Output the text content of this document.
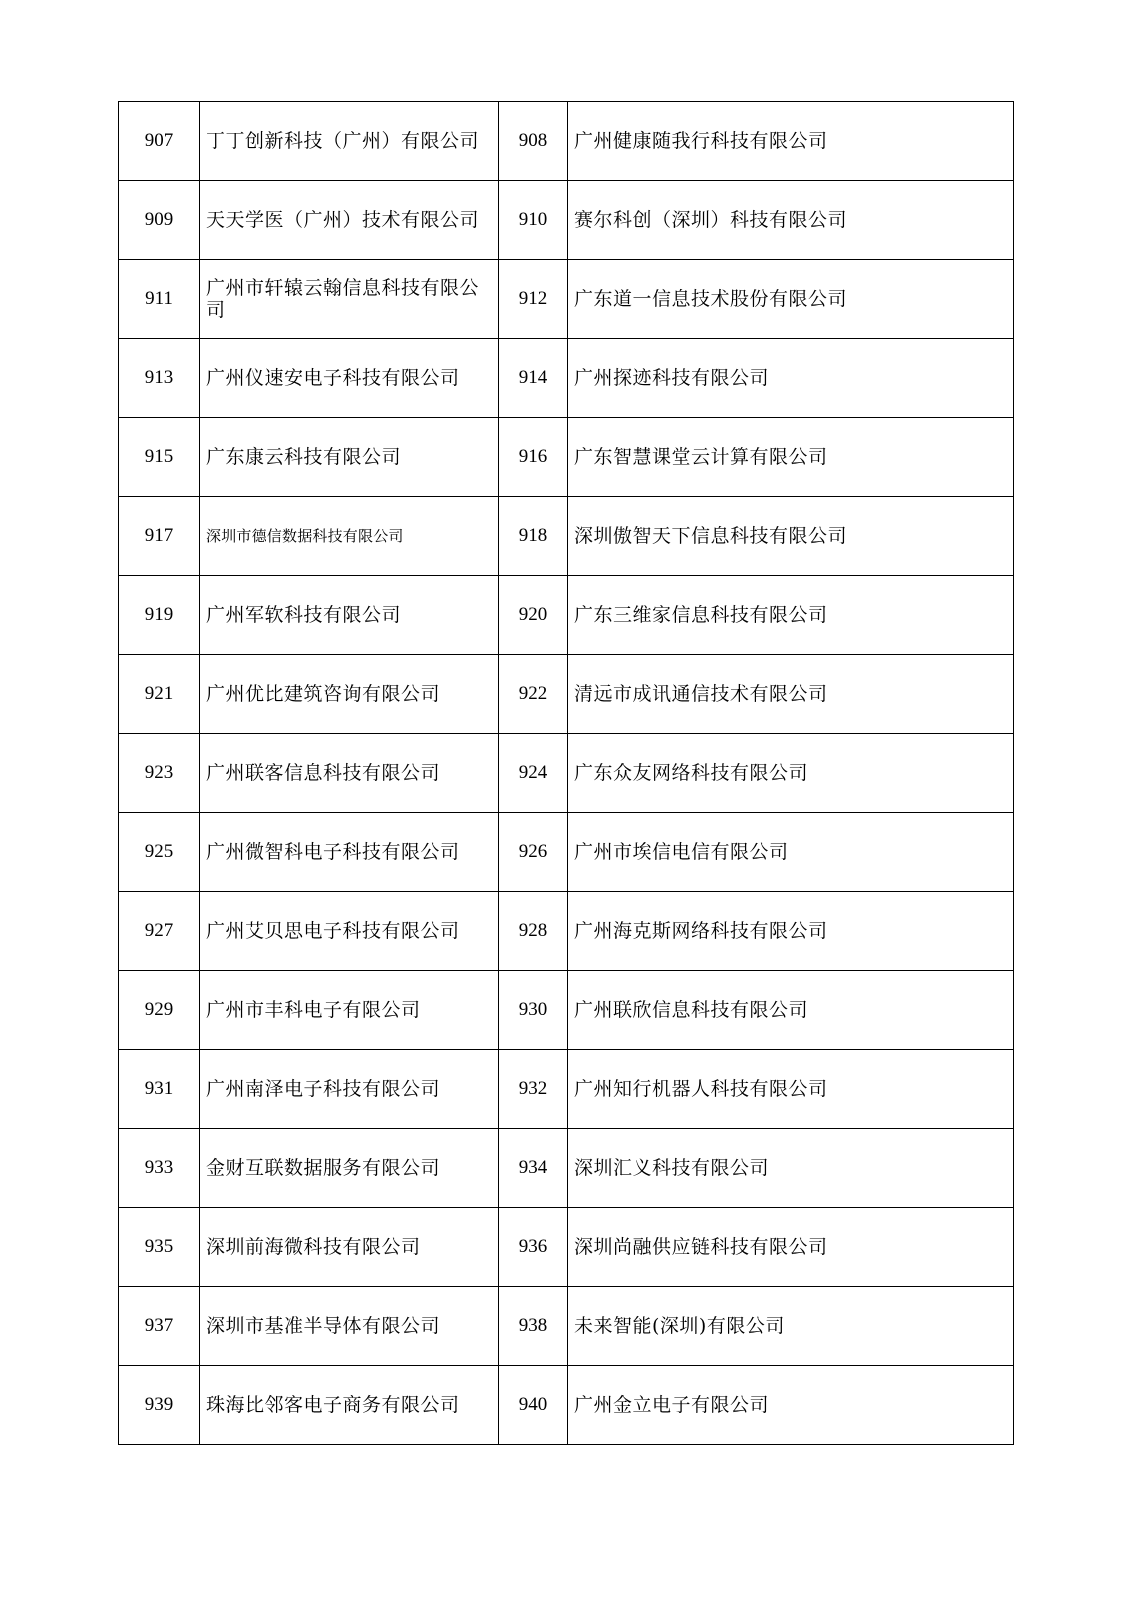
907	丁丁创新科技（广州）有限公司	908	广州健康随我行科技有限公司
909	天天学医（广州）技术有限公司	910	赛尔科创（深圳）科技有限公司
911	广州市轩辕云翰信息科技有限公司	912	广东道一信息技术股份有限公司
913	广州仪速安电子科技有限公司	914	广州探迹科技有限公司
915	广东康云科技有限公司	916	广东智慧课堂云计算有限公司
917	深圳市德信数据科技有限公司	918	深圳傲智天下信息科技有限公司
919	广州军软科技有限公司	920	广东三维家信息科技有限公司
921	广州优比建筑咨询有限公司	922	清远市成讯通信技术有限公司
923	广州联客信息科技有限公司	924	广东众友网络科技有限公司
925	广州微智科电子科技有限公司	926	广州市埃信电信有限公司
927	广州艾贝思电子科技有限公司	928	广州海克斯网络科技有限公司
929	广州市丰科电子有限公司	930	广州联欣信息科技有限公司
931	广州南泽电子科技有限公司	932	广州知行机器人科技有限公司
933	金财互联数据服务有限公司	934	深圳汇义科技有限公司
935	深圳前海微科技有限公司	936	深圳尚融供应链科技有限公司
937	深圳市基准半导体有限公司	938	未来智能(深圳)有限公司
939	珠海比邻客电子商务有限公司	940	广州金立电子有限公司
